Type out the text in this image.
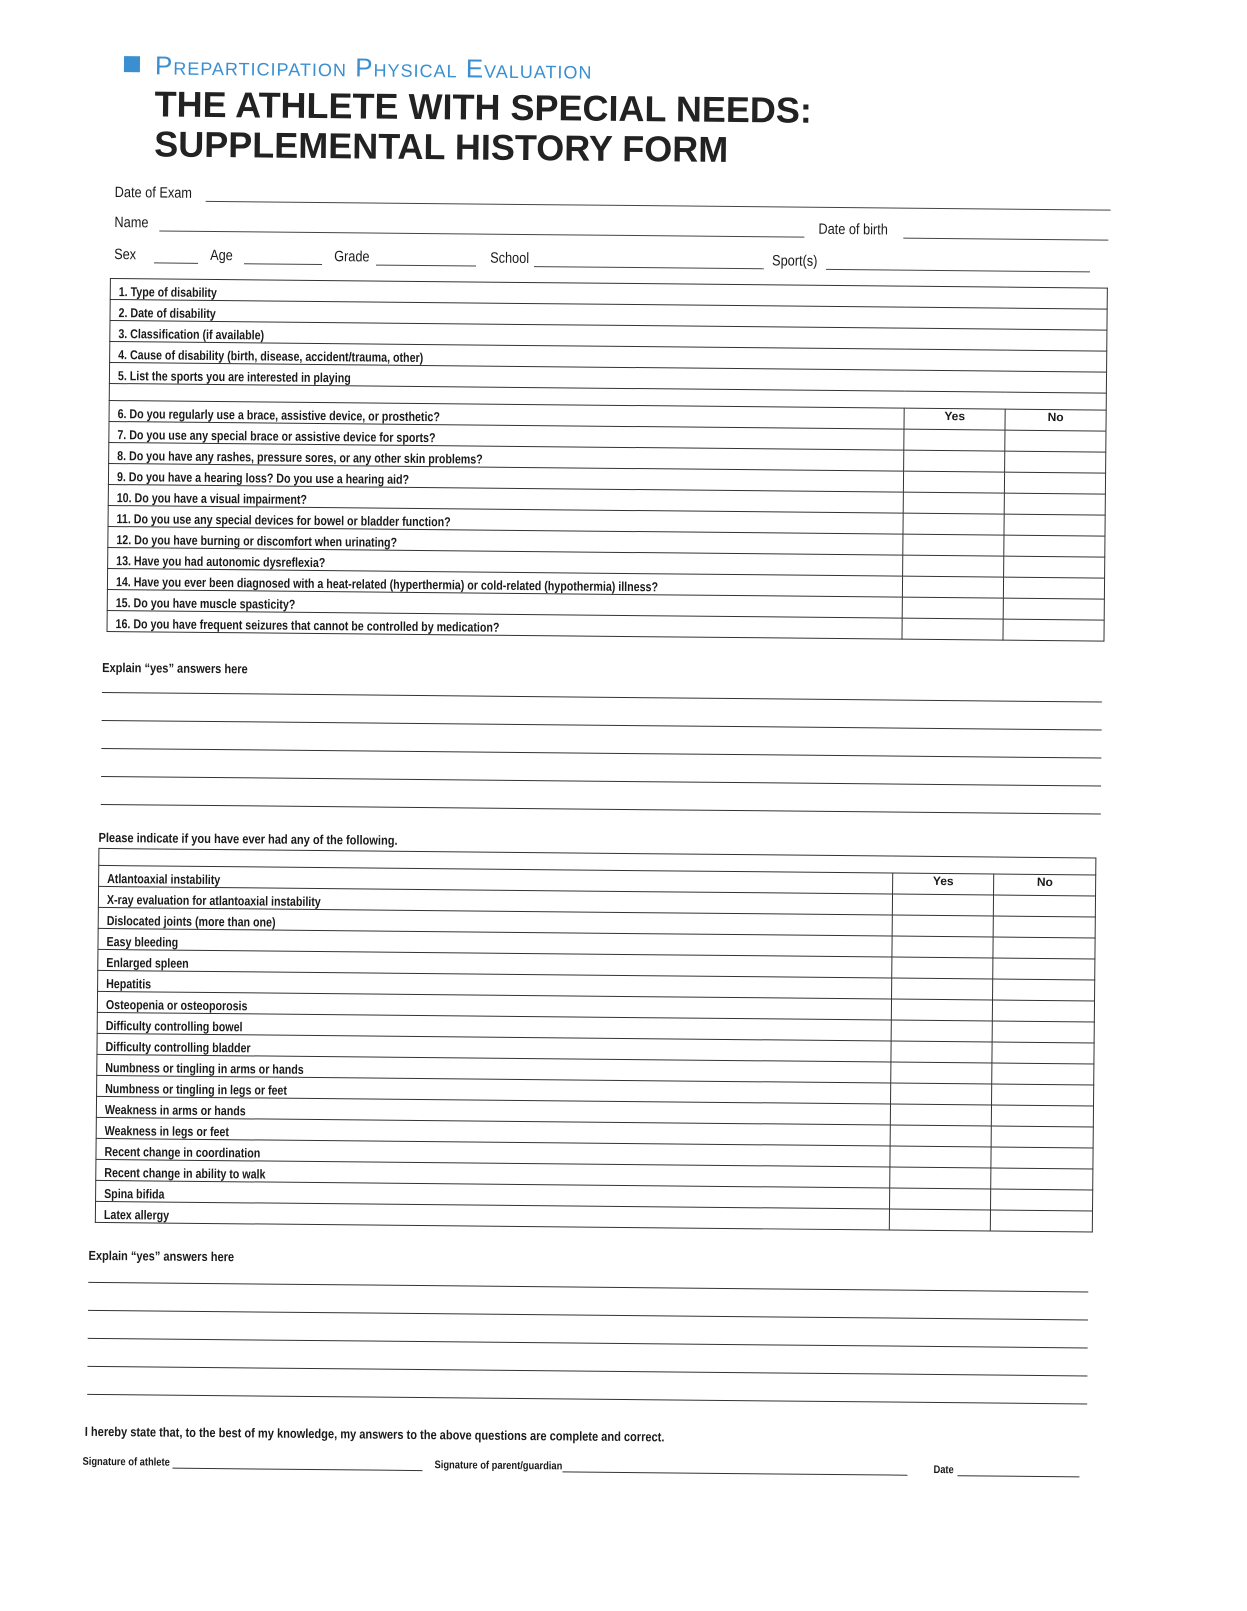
Preparticipation Physical Evaluation
THE ATHLETE WITH SPECIAL NEEDS:
SUPPLEMENTAL HISTORY FORM
Date of Exam
Name	Date of birth
Sex	Age	Grade	School	Sport(s)
1. Type of disability		
2. Date of disability		
3. Classification (if available)		
4. Cause of disability (birth, disease, accident/trauma, other)		
5. List the sports you are interested in playing		

6. Do you regularly use a brace, assistive device, or prosthetic?	Yes	No
7. Do you use any special brace or assistive device for sports?		
8. Do you have any rashes, pressure sores, or any other skin problems?		
9. Do you have a hearing loss? Do you use a hearing aid?		
10. Do you have a visual impairment?		
11. Do you use any special devices for bowel or bladder function?		
12. Do you have burning or discomfort when urinating?		
13. Have you had autonomic dysreflexia?		
14. Have you ever been diagnosed with a heat-related (hyperthermia) or cold-related (hypothermia) illness?		
15. Do you have muscle spasticity?		
16. Do you have frequent seizures that cannot be controlled by medication?		
Explain “yes” answers here
Please indicate if you have ever had any of the following.

Atlantoaxial instability	Yes	No
X-ray evaluation for atlantoaxial instability		
Dislocated joints (more than one)		
Easy bleeding		
Enlarged spleen		
Hepatitis		
Osteopenia or osteoporosis		
Difficulty controlling bowel		
Difficulty controlling bladder		
Numbness or tingling in arms or hands		
Numbness or tingling in legs or feet		
Weakness in arms or hands		
Weakness in legs or feet		
Recent change in coordination		
Recent change in ability to walk		
Spina bifida		
Latex allergy		
Explain “yes” answers here
I hereby state that, to the best of my knowledge, my answers to the above questions are complete and correct.
Signature of athlete	Signature of parent/guardian	Date
